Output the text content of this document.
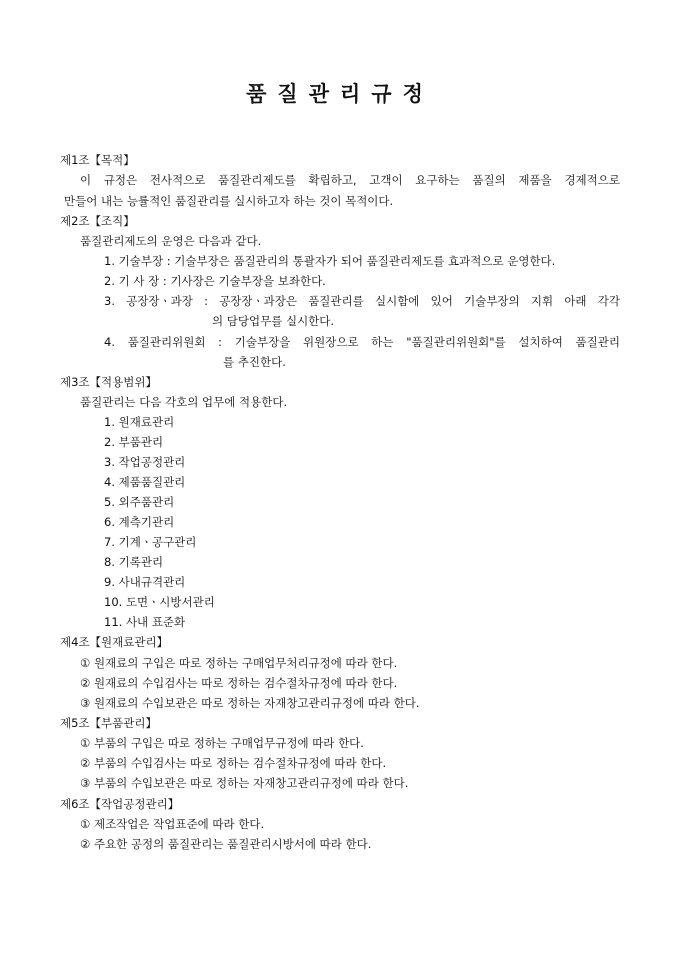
품질관리규정
제1조【목적】
이 규정은 전사적으로 품질관리제도를 확립하고, 고객이 요구하는 품질의 제품을 경제적으로
만들어 내는 능률적인 품질관리를 실시하고자 하는 것이 목적이다.
제2조【조직】
품질관리제도의 운영은 다음과 같다.
1. 기술부장 : 기술부장은 품질관리의 통괄자가 되어 품질관리제도를 효과적으로 운영한다.
2. 기 사 장 : 기사장은 기술부장을 보좌한다.
3. 공장장ㆍ과장 : 공장장ㆍ과장은 품질관리를 실시함에 있어 기술부장의 지휘 아래 각각
의 담당업무를 실시한다.
4. 품질관리위원회 : 기술부장을 위원장으로 하는 "품질관리위원회"를 설치하여 품질관리
를 추진한다.
제3조【적용범위】
품질관리는 다음 각호의 업무에 적용한다.
1. 원재료관리
2. 부품관리
3. 작업공정관리
4. 제품품질관리
5. 외주품관리
6. 계측기관리
7. 기계ㆍ공구관리
8. 기록관리
9. 사내규격관리
10. 도면ㆍ시방서관리
11. 사내 표준화
제4조【원재료관리】
① 원재료의 구입은 따로 정하는 구매업무처리규정에 따라 한다.
② 원재료의 수입검사는 따로 정하는 검수절차규정에 따라 한다.
③ 원재료의 수입보관은 따로 정하는 자재창고관리규정에 따라 한다.
제5조【부품관리】
① 부품의 구입은 따로 정하는 구매업무규정에 따라 한다.
② 부품의 수입검사는 따로 정하는 검수절차규정에 따라 한다.
③ 부품의 수입보관은 따로 정하는 자재창고관리규정에 따라 한다.
제6조【작업공정관리】
① 제조작업은 작업표준에 따라 한다.
② 주요한 공정의 품질관리는 품질관리시방서에 따라 한다.
